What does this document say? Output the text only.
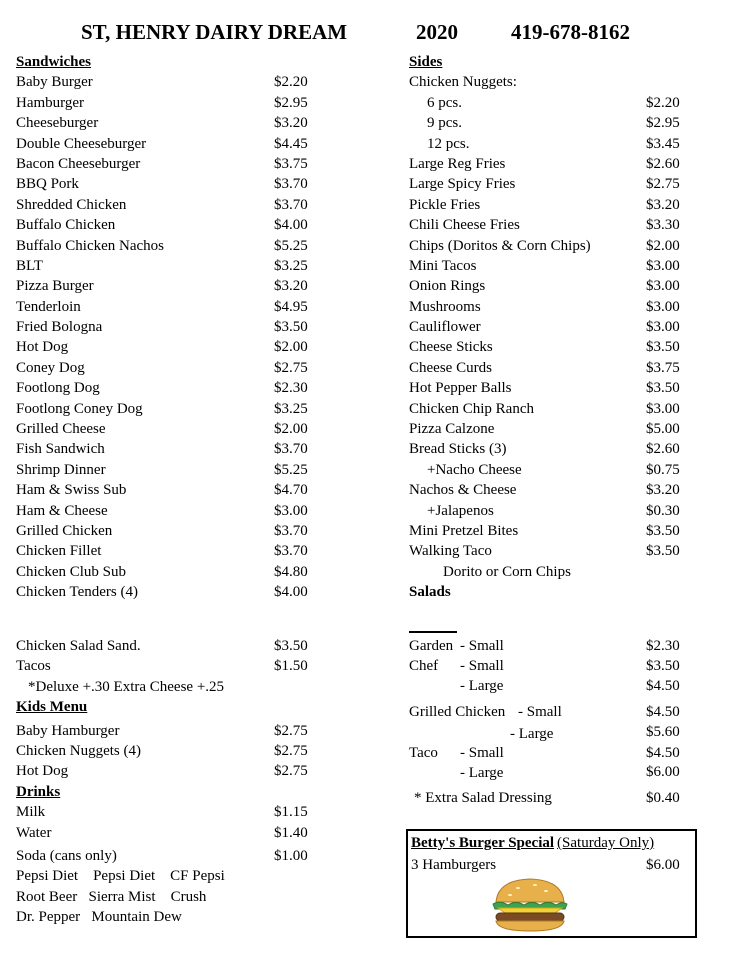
ST, HENRY DAIRY DREAM	2020	419-678-8162
Sandwiches
Baby Burger	$2.20
Hamburger	$2.95
Cheeseburger	$3.20
Double Cheeseburger	$4.45
Bacon Cheeseburger	$3.75
BBQ Pork	$3.70
Shredded Chicken	$3.70
Buffalo Chicken	$4.00
Buffalo Chicken Nachos	$5.25
BLT	$3.25
Pizza Burger	$3.20
Tenderloin	$4.95
Fried Bologna	$3.50
Hot Dog	$2.00
Coney Dog	$2.75
Footlong Dog	$2.30
Footlong Coney Dog	$3.25
Grilled Cheese	$2.00
Fish Sandwich	$3.70
Shrimp Dinner	$5.25
Ham & Swiss Sub	$4.70
Ham & Cheese	$3.00
Grilled Chicken	$3.70
Chicken Fillet	$3.70
Chicken Club Sub	$4.80
Chicken Tenders (4)	$4.00
Chicken Salad Sand.	$3.50
Tacos	$1.50
*Deluxe +.30 Extra Cheese +.25
Kids Menu
Baby Hamburger	$2.75
Chicken Nuggets (4)	$2.75
Hot Dog	$2.75
Drinks
Milk	$1.15
Water	$1.40
Soda (cans only)	$1.00
Pepsi Diet    Pepsi Diet    CF Pepsi
Root Beer   Sierra Mist    Crush
Dr. Pepper   Mountain Dew
Sides
Chicken Nuggets:
6 pcs.	$2.20
9 pcs.	$2.95
12 pcs.	$3.45
Large Reg Fries	$2.60
Large Spicy Fries	$2.75
Pickle Fries	$3.20
Chili Cheese Fries	$3.30
Chips (Doritos & Corn Chips)	$2.00
Mini Tacos	$3.00
Onion Rings	$3.00
Mushrooms	$3.00
Cauliflower	$3.00
Cheese Sticks	$3.50
Cheese Curds	$3.75
Hot Pepper Balls	$3.50
Chicken Chip Ranch	$3.00
Pizza Calzone	$5.00
Bread Sticks (3)	$2.60
+Nacho Cheese	$0.75
Nachos & Cheese	$3.20
+Jalapenos	$0.30
Mini Pretzel Bites	$3.50
Walking Taco	$3.50
Dorito or Corn Chips
Salads
Garden - Small	$2.30
Chef - Small	$3.50
- Large	$4.50
Grilled Chicken - Small	$4.50
- Large	$5.60
Taco - Small	$4.50
- Large	$6.00
* Extra Salad Dressing	$0.40
Betty's Burger Special (Saturday Only)
3 Hamburgers	$6.00
